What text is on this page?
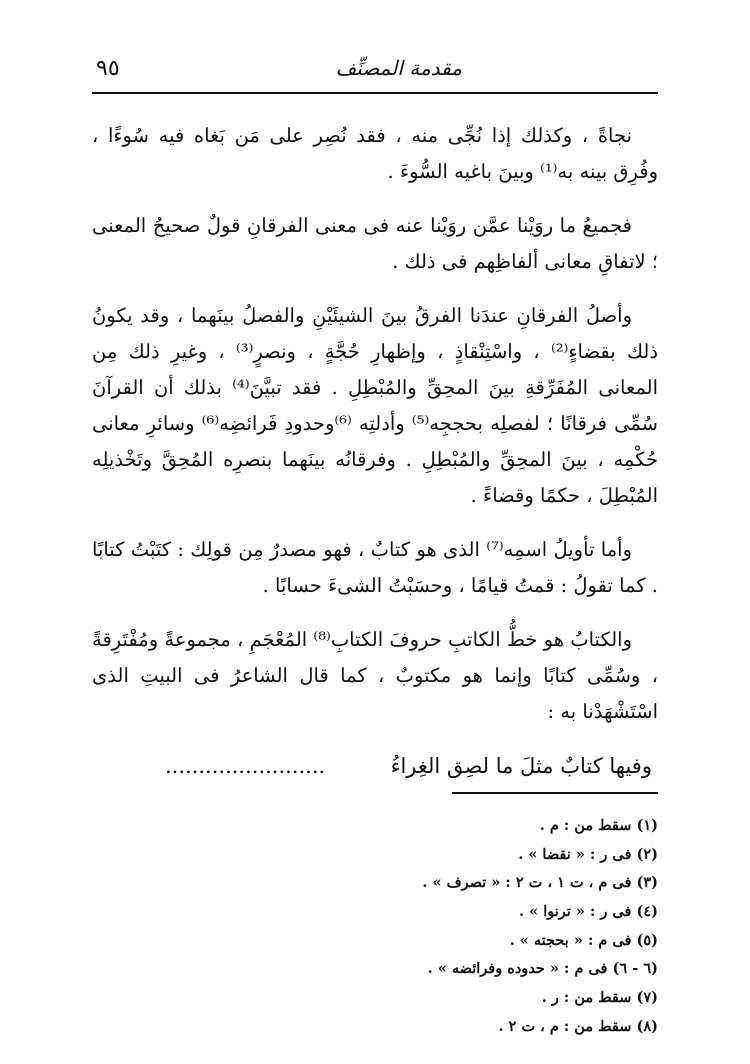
٩٥	مقدمة المصنِّف

نجاةً ، وكذلك إذا نُجِّى منه ، فقد نُصِر على مَن بَغاه فيه سُوءًا ، وفُرِق بينه به⁽¹⁾ وبينَ باغيه السُّوءَ .

فجميعُ ما روَيْنا عمَّن روَيْنا عنه فى معنى الفرقانِ قولٌ صحيحُ المعنى ؛ لاتفاقِ معانى ألفاظِهم فى ذلك .

وأصلُ الفرقانِ عندَنا الفرقُ بينَ الشيئَيْنِ والفصلُ بينَهما ، وقد يكونُ ذلك بقضاءٍ⁽²⁾ ، واسْتِنْقاذٍ ، وإظهارِ حُجَّةٍ ، ونصرٍ⁽³⁾ ، وغيرِ ذلك مِن المعانى المُفَرِّقةِ بينَ المحِقِّ والمُبْطِلِ . فقد تبيَّنَ⁽⁴⁾ بذلك أن القرآنَ سُمِّى فرقانًا ؛ لفصلِه بحججِه⁽⁵⁾ وأدلتِه ⁽⁶⁾وحدودِ فَرائضِه⁽⁶⁾ وسائرِ معانى حُكْمِه ، بينَ المحِقِّ والمُبْطِلِ . وفرقانُه بينَهما بنصرِه المُحِقَّ وتَخْذيلِه المُبْطِلَ ، حكمًا وقضاءً .

وأما تأويلُ اسمِه⁽⁷⁾ الذى هو كتابٌ ، فهو مصدرٌ مِن قولِك : كتَبْتُ كتابًا . كما تقولُ : قمتُ قيامًا ، وحسَبْتُ الشىءَ حسابًا .

والكتابُ هو خطُّ الكاتبِ حروفَ الكتابِ⁽⁸⁾ المُعْجَمِ ، مجموعةً ومُفْتَرِقةً ، وسُمِّى كتابًا وإنما هو مكتوبٌ ، كما قال الشاعرُ فى البيتِ الذى اسْتَشْهَدْنا به :

وفيها كتابٌ مثلَ ما لصِق الغِراءُ  ........................
(١) سقط من : م .
(٢) فى ر : « نقضا » .
(٣) فى م ، ت ١ ، ت ٢ : « تصرف » .
(٤) فى ر : « ترنوا » .
(٥) فى م : « بحجته » .
(٦ - ٦) فى م : « حدوده وفرائضه » .
(٧) سقط من : ر .
(٨) سقط من : م ، ت ٢ .
